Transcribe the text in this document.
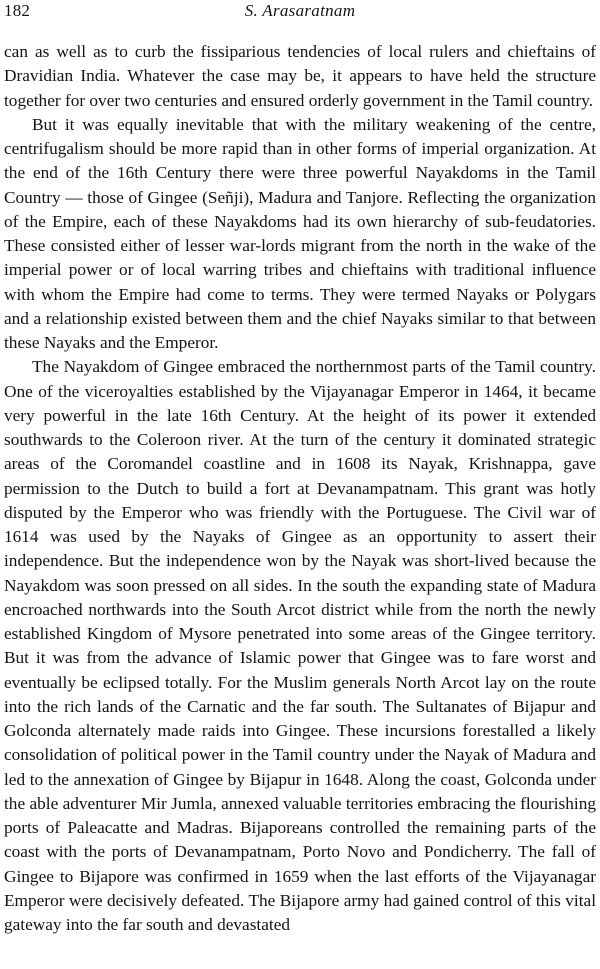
182	S. Arasaratnam

can as well as to curb the fissiparious tendencies of local rulers and chieftains of Dravidian India. Whatever the case may be, it appears to have held the structure together for over two centuries and ensured orderly government in the Tamil country.

But it was equally inevitable that with the military weakening of the centre, centrifugalism should be more rapid than in other forms of imperial organization. At the end of the 16th Century there were three powerful Nayakdoms in the Tamil Country — those of Gingee (Señji), Madura and Tanjore. Reflecting the organization of the Empire, each of these Nayakdoms had its own hierarchy of sub-feudatories. These consisted either of lesser war-lords migrant from the north in the wake of the imperial power or of local warring tribes and chieftains with traditional influence with whom the Empire had come to terms. They were termed Nayaks or Polygars and a relationship existed between them and the chief Nayaks similar to that between these Nayaks and the Emperor.

The Nayakdom of Gingee embraced the northernmost parts of the Tamil country. One of the viceroyalties established by the Vijayanagar Emperor in 1464, it became very powerful in the late 16th Century. At the height of its power it extended southwards to the Coleroon river. At the turn of the century it dominated strategic areas of the Coromandel coastline and in 1608 its Nayak, Krishnappa, gave permission to the Dutch to build a fort at Devanampatnam. This grant was hotly disputed by the Emperor who was friendly with the Portuguese. The Civil war of 1614 was used by the Nayaks of Gingee as an opportunity to assert their independence. But the independence won by the Nayak was short-lived because the Nayakdom was soon pressed on all sides. In the south the expanding state of Madura encroached northwards into the South Arcot district while from the north the newly established Kingdom of Mysore penetrated into some areas of the Gingee territory. But it was from the advance of Islamic power that Gingee was to fare worst and eventually be eclipsed totally. For the Muslim generals North Arcot lay on the route into the rich lands of the Carnatic and the far south. The Sultanates of Bijapur and Golconda alternately made raids into Gingee. These incursions forestalled a likely consolidation of political power in the Tamil country under the Nayak of Madura and led to the annexation of Gingee by Bijapur in 1648. Along the coast, Golconda under the able adventurer Mir Jumla, annexed valuable territories embracing the flourishing ports of Paleacatte and Madras. Bijaporeans controlled the remaining parts of the coast with the ports of Devanampatnam, Porto Novo and Pondicherry. The fall of Gingee to Bijapore was confirmed in 1659 when the last efforts of the Vijayanagar Emperor were decisively defeated. The Bijapore army had gained control of this vital gateway into the far south and devastated
